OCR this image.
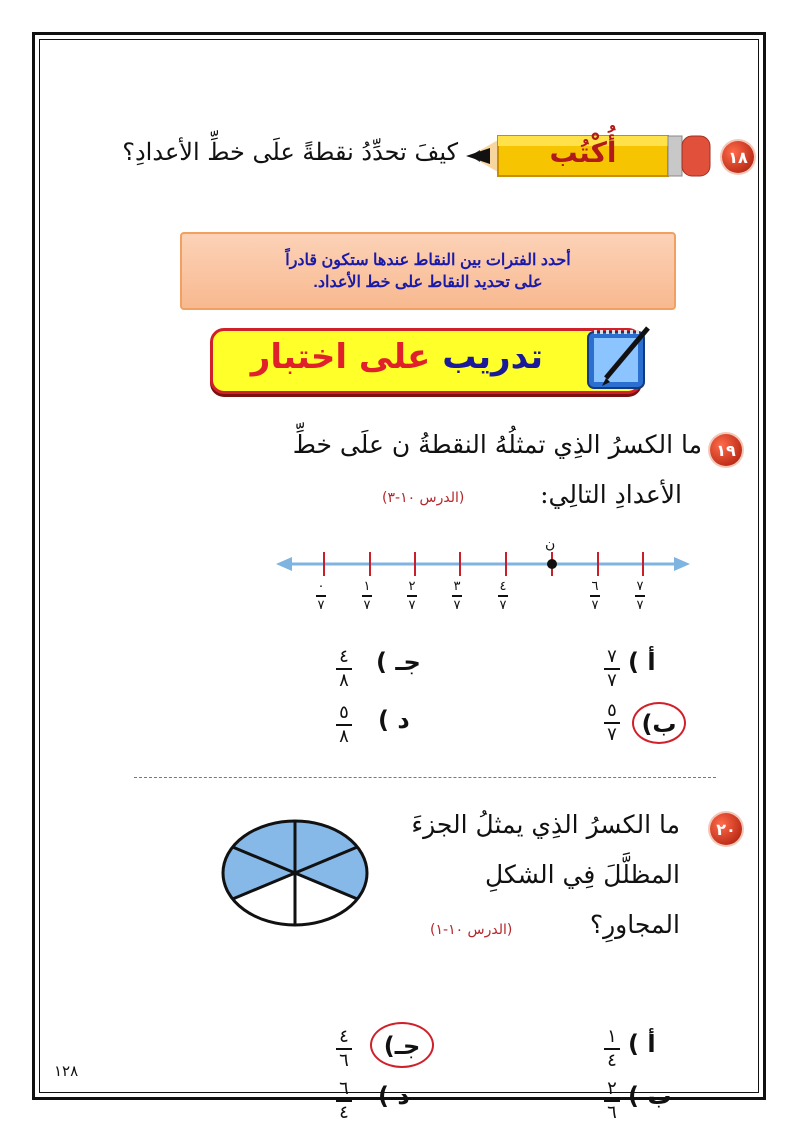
١٨
أُكْتُب
كيفَ تحدِّدُ نقطةً علَى خطِّ الأعدادِ؟
أحدد الفترات بين النقاط عندها ستكون قادراً
على تحديد النقاط على خط الأعداد.
تدريب على اختبار
١٩
ما الكسرُ الذِي تمثلُهُ النقطةُ ن علَى خطِّ
الأعدادِ التالِي:
(الدرس ١٠-٣)
ن
٠
٧
١
٧
٢
٧
٣
٧
٤
٧
٦
٧
٧
٧
أ )
٧
٧
جـ )
٤
٨
ب)
٥
٧
د )
٥
٨
٢٠
ما الكسرُ الذِي يمثلُ الجزءَ
المظلَّلَ فِي الشكلِ
المجاورِ؟
(الدرس ١٠-١)
أ )
١
٤
جـ)
٤
٦
ب )
٢
٦
د )
٦
٤
١٢٨
